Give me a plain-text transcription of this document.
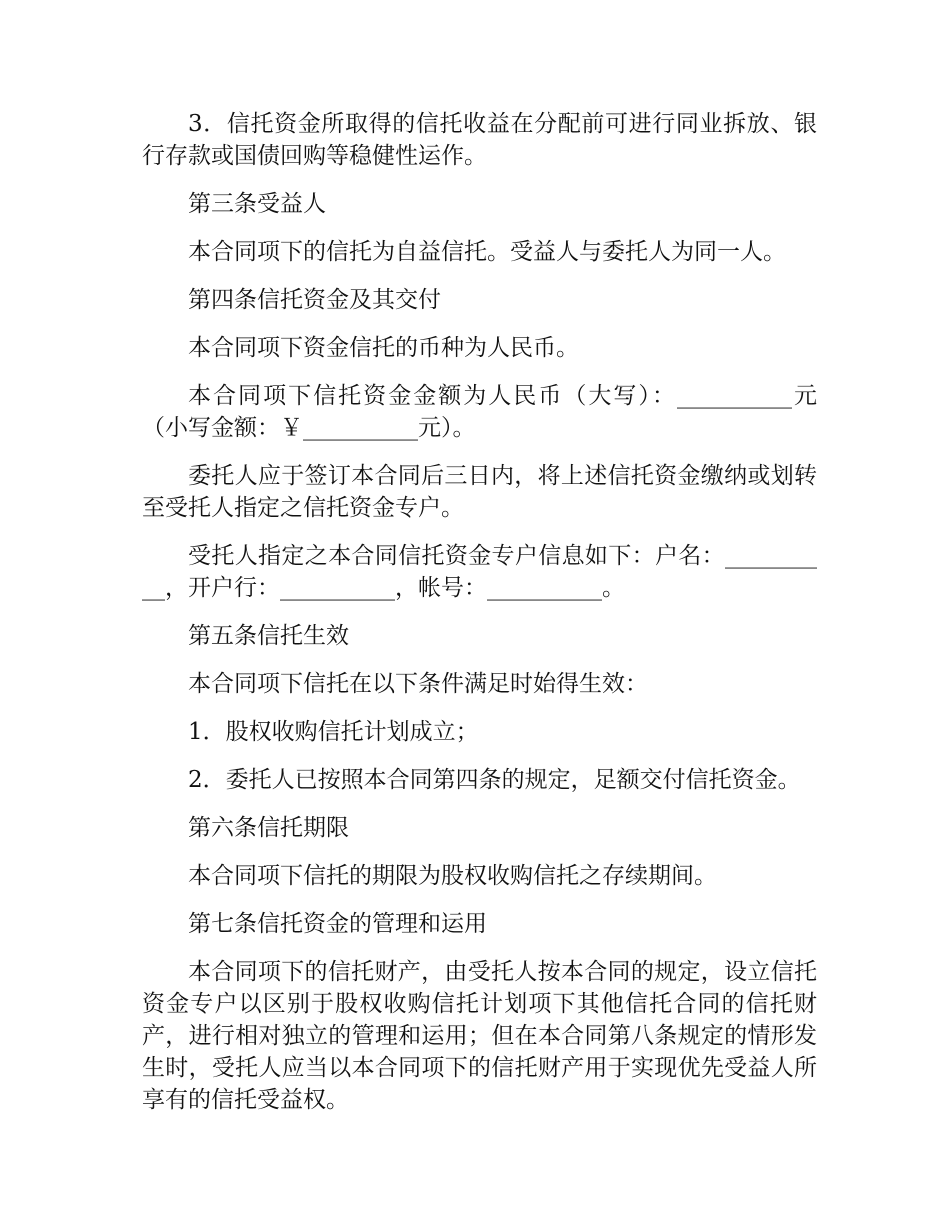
3．信托资金所取得的信托收益在分配前可进行同业拆放、银行存款或国债回购等稳健性运作。

第三条受益人

本合同项下的信托为自益信托。受益人与委托人为同一人。

第四条信托资金及其交付

本合同项下资金信托的币种为人民币。

本合同项下信托资金金额为人民币（大写）：__________元（小写金额：￥__________元）。

委托人应于签订本合同后三日内，将上述信托资金缴纳或划转至受托人指定之信托资金专户。

受托人指定之本合同信托资金专户信息如下：户名：__________，开户行：__________，帐号：__________。

第五条信托生效

本合同项下信托在以下条件满足时始得生效：

1．股权收购信托计划成立；

2．委托人已按照本合同第四条的规定，足额交付信托资金。

第六条信托期限

本合同项下信托的期限为股权收购信托之存续期间。

第七条信托资金的管理和运用

本合同项下的信托财产，由受托人按本合同的规定，设立信托资金专户以区别于股权收购信托计划项下其他信托合同的信托财产，进行相对独立的管理和运用；但在本合同第八条规定的情形发生时，受托人应当以本合同项下的信托财产用于实现优先受益人所享有的信托受益权。
